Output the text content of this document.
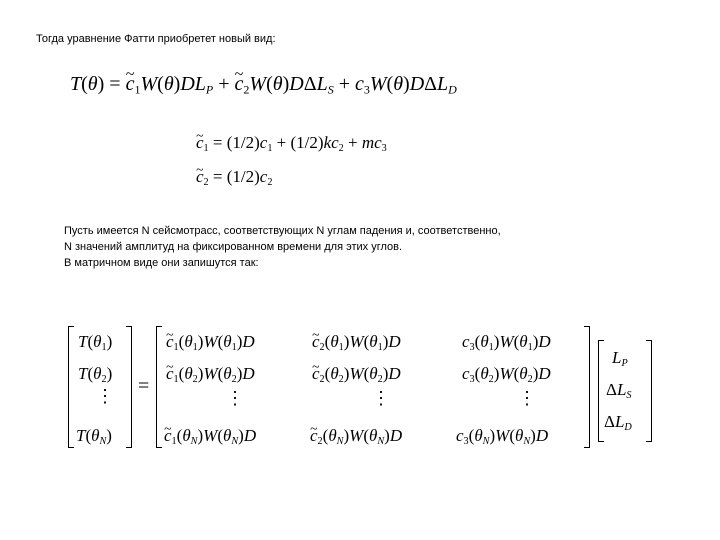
Тогда уравнение Фатти приобретет новый вид:
T(θ) = ~ $c_1W(\theta)DL_P$ + ~ $c_2W(\theta)D\Delta L_S + c_3W(\theta)D\Delta L_D$
~ $c_1 = (1/2)c_1 + (1/2)kc_2 + mc_3$
~ $c_2 = (1/2)c_2$
Пусть имеется N сейсмотрасс, соответствующих N углам падения и, соответственно,
N значений амплитуд на фиксированном времени для этих углов.
В матричном виде они запишутся так:
$T(\theta_1)$
$T(\theta_2)$
⋮
$T(\theta_N)$
=
~ $c_1(\theta_1)W(\theta_1)D$	~ $c_2(\theta_1)W(\theta_1)D$	$c_3(\theta_1)W(\theta_1)D$
~ $c_1(\theta_2)W(\theta_2)D$	~ $c_2(\theta_2)W(\theta_2)D$	$c_3(\theta_2)W(\theta_2)D$
⋮	⋮	⋮
~ $c_1(\theta_N)W(\theta_N)D$	~ $c_2(\theta_N)W(\theta_N)D$	$c_3(\theta_N)W(\theta_N)D$
$L_P$
$\Delta L_S$
$\Delta L_D$
